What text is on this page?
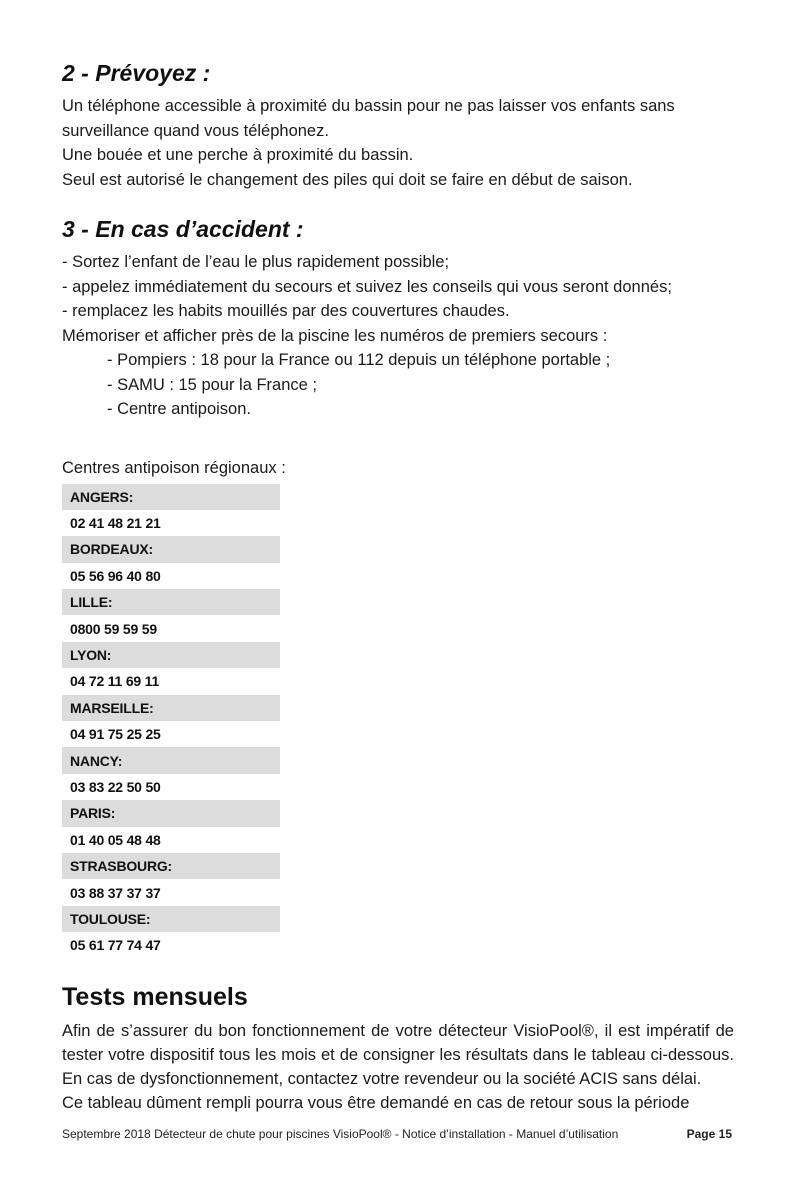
2 - Prévoyez :

Un téléphone accessible à proximité du bassin pour ne pas laisser vos enfants sans

surveillance quand vous téléphonez.

Une bouée et une perche à proximité du bassin.

Seul est autorisé le changement des piles qui doit se faire en début de saison.

3 - En cas d’accident :

- Sortez l’enfant de l’eau le plus rapidement possible;

- appelez immédiatement du secours et suivez les conseils qui vous seront donnés;

- remplacez les habits mouillés par des couvertures chaudes.

Mémoriser et afficher près de la piscine les numéros de premiers secours :

- Pompiers : 18 pour la France ou 112 depuis un téléphone portable ;

- SAMU : 15 pour la France ;

- Centre antipoison.

Centres antipoison régionaux :

ANGERS:
02 41 48 21 21
BORDEAUX:
05 56 96 40 80
LILLE:
0800 59 59 59
LYON:
04 72 11 69 11
MARSEILLE:
04 91 75 25 25
NANCY:
03 83 22 50 50
PARIS:
01 40 05 48 48
STRASBOURG:
03 88 37 37 37
TOULOUSE:
05 61 77 74 47
Tests mensuels

Afin de s’assurer du bon fonctionnement de votre détecteur VisioPool®, il est impératif de tester votre dispositif tous les mois et de consigner les résultats dans le tableau ci-dessous. En cas de dysfonctionnement, contactez votre revendeur ou la société ACIS sans délai.

Ce tableau dûment rempli pourra vous être demandé en cas de retour sous la période

Septembre 2018 Détecteur de chute pour piscines VisioPool® - Notice d’installation - Manuel d’utilisation	Page 15
